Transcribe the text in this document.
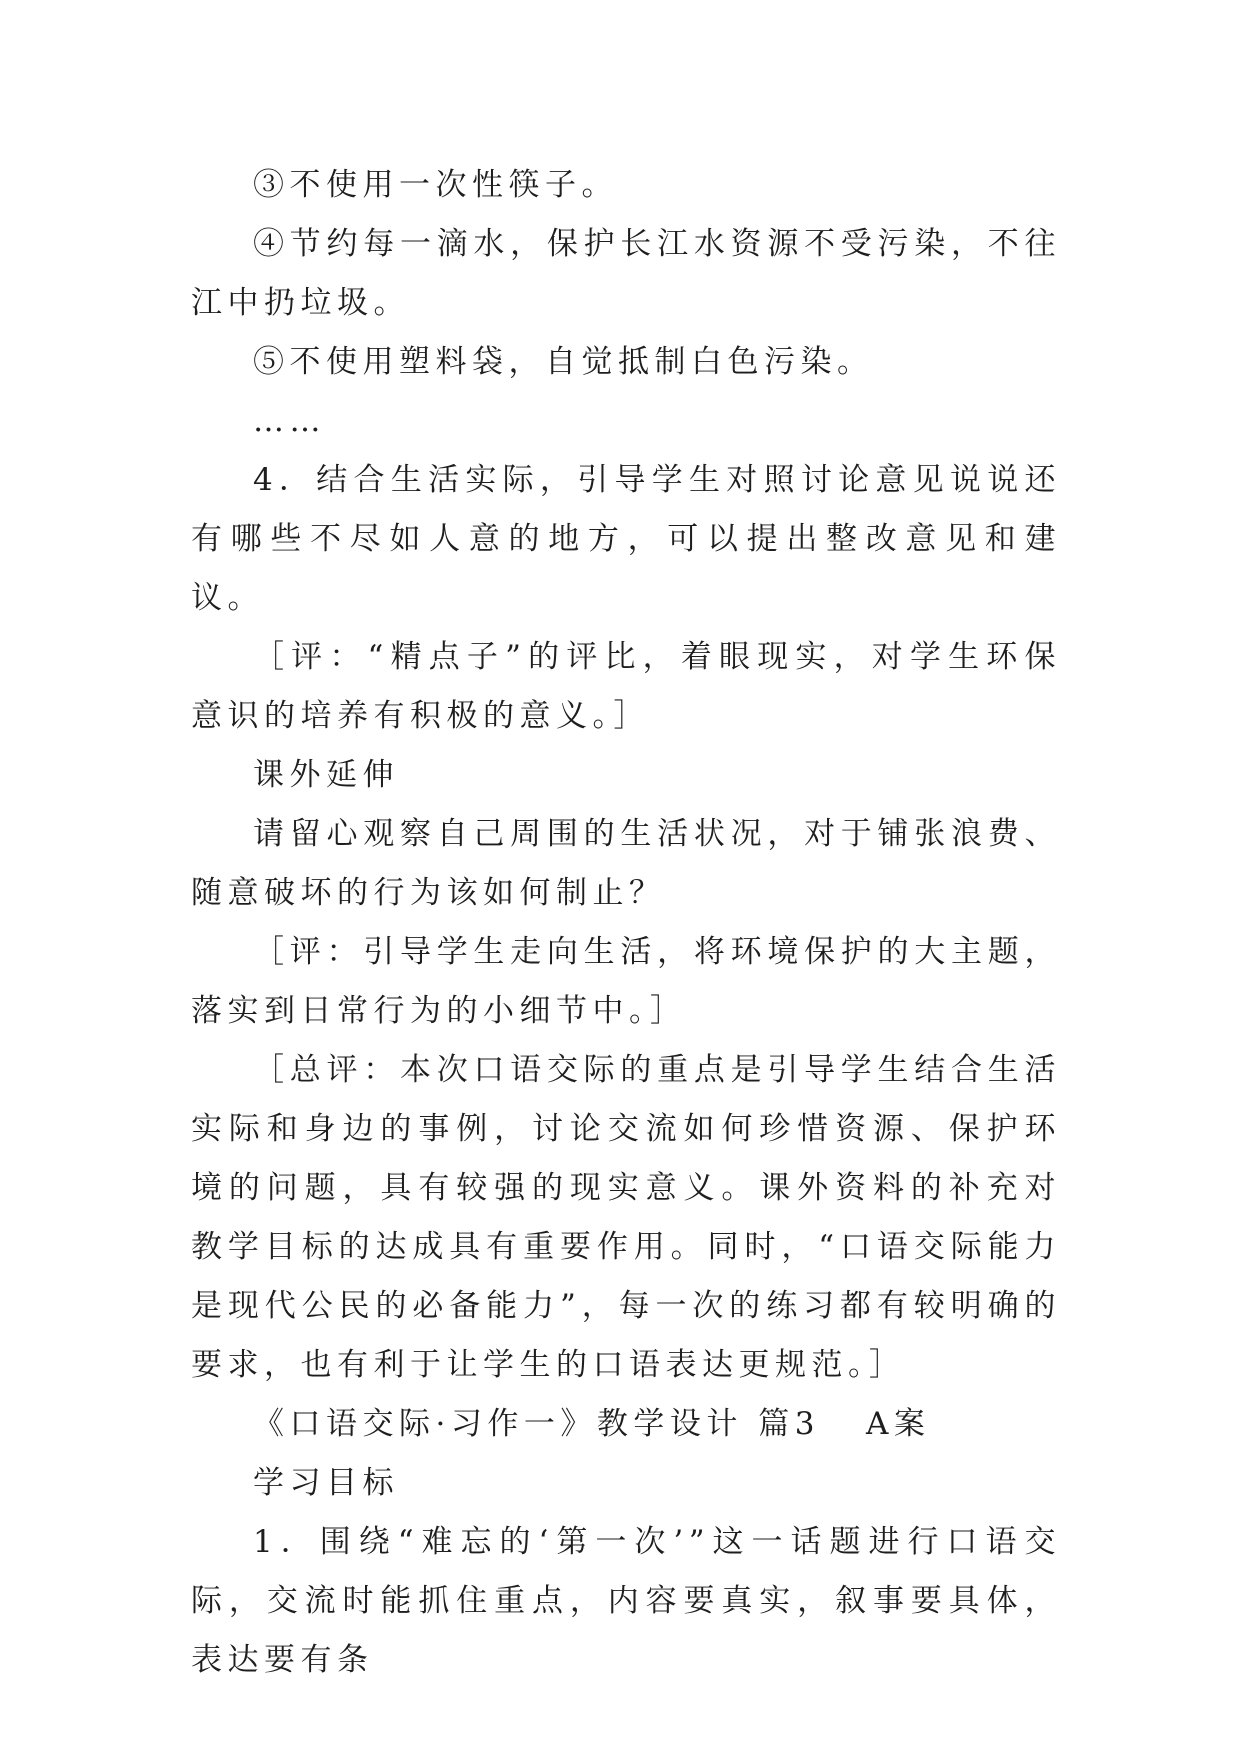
③不使用一次性筷子。

④节约每一滴水，保护长江水资源不受污染，不往江中扔垃圾。

⑤不使用塑料袋，自觉抵制白色污染。

……

4．结合生活实际，引导学生对照讨论意见说说还有哪些不尽如人意的地方，可以提出整改意见和建议。

［评：“精点子”的评比，着眼现实，对学生环保意识的培养有积极的意义。］

课外延伸

请留心观察自己周围的生活状况，对于铺张浪费、随意破坏的行为该如何制止？

［评：引导学生走向生活，将环境保护的大主题，落实到日常行为的小细节中。］

［总评：本次口语交际的重点是引导学生结合生活实际和身边的事例，讨论交流如何珍惜资源、保护环境的问题，具有较强的现实意义。课外资料的补充对教学目标的达成具有重要作用。同时，“口语交际能力是现代公民的必备能力”，每一次的练习都有较明确的要求，也有利于让学生的口语表达更规范。］

《口语交际·习作一》教学设计 篇3   A案

学习目标

1．围绕“难忘的‘第一次’”这一话题进行口语交际，交流时能抓住重点，内容要真实，叙事要具体，表达要有条
